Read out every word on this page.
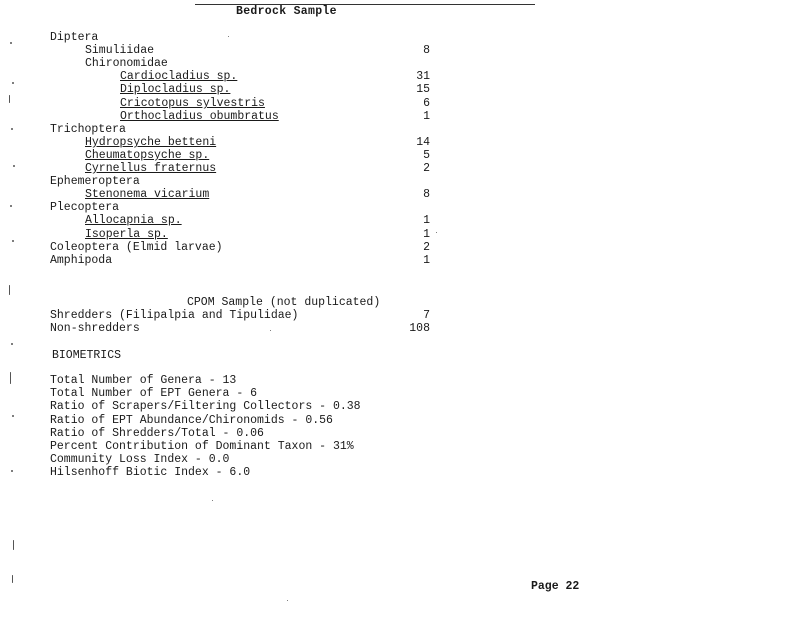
Bedrock Sample
Diptera
Simuliidae	8
Chironomidae
Cardiocladius sp.	31
Diplocladius sp.	15
Cricotopus sylvestris	6
Orthocladius obumbratus	1
Trichoptera
Hydropsyche betteni	14
Cheumatopsyche sp.	5
Cyrnellus fraternus	2
Ephemeroptera
Stenonema vicarium	8
Plecoptera
Allocapnia sp.	1
Isoperla sp.	1
Coleoptera (Elmid larvae)	2
Amphipoda	1
CPOM Sample (not duplicated)
Shredders (Filipalpia and Tipulidae)	7
Non-shredders	108
BIOMETRICS
Total Number of Genera - 13
Total Number of EPT Genera - 6
Ratio of Scrapers/Filtering Collectors - 0.38
Ratio of EPT Abundance/Chironomids - 0.56
Ratio of Shredders/Total - 0.06
Percent Contribution of Dominant Taxon - 31%
Community Loss Index - 0.0
Hilsenhoff Biotic Index - 6.0
Page 22
